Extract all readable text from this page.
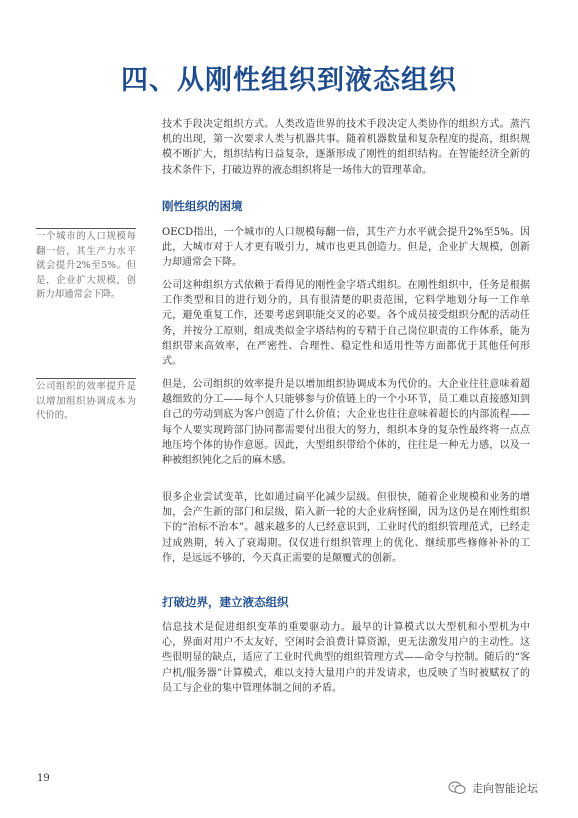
四、从刚性组织到液态组织

技术手段决定组织方式。人类改造世界的技术手段决定人类协作的组织方式。蒸汽机的出现，第一次要求人类与机器共事。随着机器数量和复杂程度的提高，组织规模不断扩大，组织结构日益复杂，逐渐形成了刚性的组织结构。在智能经济全新的技术条件下，打破边界的液态组织将是一场伟大的管理革命。

刚性组织的困境

OECD指出，一个城市的人口规模每翻一倍，其生产力水平就会提升2%至5%。因此，大城市对于人才更有吸引力，城市也更具创造力。但是，企业扩大规模，创新力却通常会下降。

公司这种组织方式依赖于看得见的刚性金字塔式组织。在刚性组织中，任务是根据工作类型和目的进行划分的，具有很清楚的职责范围，它料学地划分每一工作单元，避免重复工作，还要考虑到职能交叉的必要。各个成员接受组织分配的活动任务，并按分工原则，组成类似金字塔结构的专精于自己岗位职责的工作体系，能为组织带来高效率，在严密性、合理性、稳定性和适用性等方面都优于其他任何形式。

但是，公司组织的效率提升是以增加组织协调成本为代价的。大企业往往意味着超越细致的分工——每个人只能够参与价值链上的一个小环节，员工难以直接感知到自己的劳动到底为客户创造了什么价值；大企业也往往意味着超长的内部流程——每个人要实现跨部门协同都需要付出很大的努力，组织本身的复杂性最终将一点点地压垮个体的协作意愿。因此，大型组织带给个体的，往往是一种无力感，以及一种被组织钝化之后的麻木感。

很多企业尝试变革，比如通过扁平化减少层级。但很快，随着企业规模和业务的增加，会产生新的部门和层级，陷入新一轮的大企业病怪圈，因为这仍是在刚性组织下的“治标不治本”。越来越多的人已经意识到，工业时代的组织管理范式，已经走过成熟期，转入了衰竭期。仅仅进行组织管理上的优化、继续那些修修补补的工作，是远远不够的，今天真正需要的是颠覆式的创新。

打破边界，建立液态组织

信息技术是促进组织变革的重要驱动力。最早的计算模式以大型机和小型机为中心，界面对用户不太友好，空闲时会浪费计算资源，更无法激发用户的主动性。这些很明显的缺点，适应了工业时代典型的组织管理方式——命令与控制。随后的“客户机/服务器”计算模式，难以支持大量用户的并发请求，也反映了当时被赋权了的员工与企业的集中管理体制之间的矛盾。

一个城市的人口规模每翻一倍，其生产力水平就会提升2%至5%。但是，企业扩大规模，创新力却通常会下降。
公司组织的效率提升是以增加组织协调成本为代价的。
19
走向智能论坛
